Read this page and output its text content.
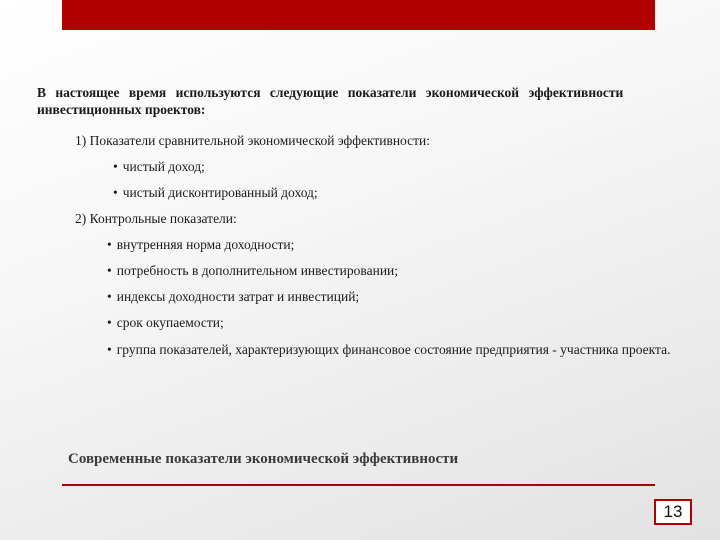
В настоящее время используются следующие показатели экономической эффективности

инвестиционных проектов:

1) Показатели сравнительной экономической эффективности:

• чистый доход;

• чистый дисконтированный доход;

2) Контрольные показатели:

• внутренняя норма доходности;

• потребность в дополнительном инвестировании;

• индексы доходности затрат и инвестиций;

• срок окупаемости;

• группа показателей, характеризующих финансовое состояние предприятия - участника проекта.

Современные показатели экономической эффективности
13
